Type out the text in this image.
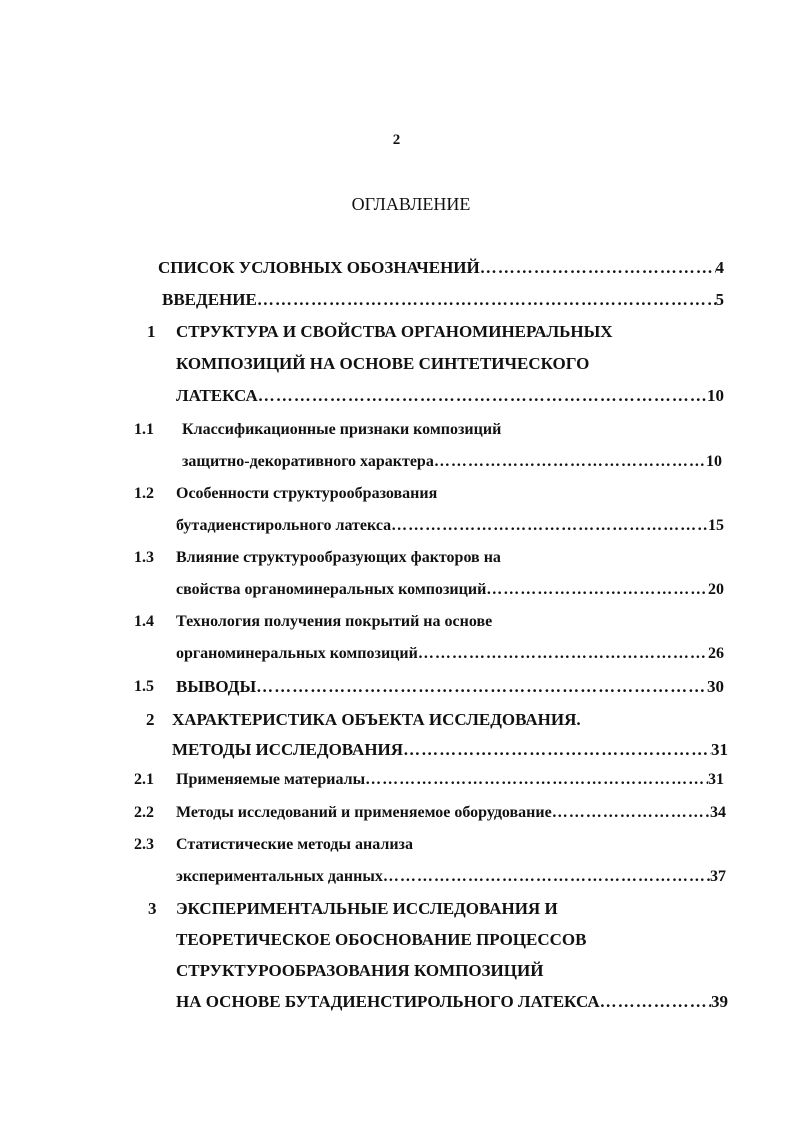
2
ОГЛАВЛЕНИЕ
СПИСОК УСЛОВНЫХ ОБОЗНАЧЕНИЙ ………………………………………………………………………………………………………………………………………………	4
ВВЕДЕНИЕ ………………………………………………………………………………………………………………………………………………	5
1 СТРУКТУРА И СВОЙСТВА ОРГАНОМИНЕРАЛЬНЫХ
КОМПОЗИЦИЙ НА ОСНОВЕ СИНТЕТИЧЕСКОГО
ЛАТЕКСА ………………………………………………………………………………………………………………………………………………	10
1.1 Классификационные признаки композиций
защитно-декоративного характера ………………………………………………………………………………………………………………………………………………	10
1.2 Особенности структурообразования
бутадиенстирольного латекса ………………………………………………………………………………………………………………………………………………	15
1.3 Влияние структурообразующих факторов на
свойства органоминеральных композиций ………………………………………………………………………………………………………………………………………………	20
1.4 Технология получения покрытий на основе
органоминеральных композиций ………………………………………………………………………………………………………………………………………………	26
1.5 ВЫВОДЫ ………………………………………………………………………………………………………………………………………………	30
2 ХАРАКТЕРИСТИКА ОБЪЕКТА ИССЛЕДОВАНИЯ.
МЕТОДЫ ИССЛЕДОВАНИЯ ………………………………………………………………………………………………………………………………………………	31
2.1 Применяемые материалы ………………………………………………………………………………………………………………………………………………	31
2.2 Методы исследований и применяемое оборудование ………………………………………………………………………………………………………………………………………………	34
2.3 Статистические методы анализа
экспериментальных данных ………………………………………………………………………………………………………………………………………………	37
3 ЭКСПЕРИМЕНТАЛЬНЫЕ ИССЛЕДОВАНИЯ И
ТЕОРЕТИЧЕСКОЕ ОБОСНОВАНИЕ ПРОЦЕССОВ
СТРУКТУРООБРАЗОВАНИЯ КОМПОЗИЦИЙ
НА ОСНОВЕ БУТАДИЕНСТИРОЛЬНОГО ЛАТЕКСА ………………………………………………………………………………………………………………………………………………	39
